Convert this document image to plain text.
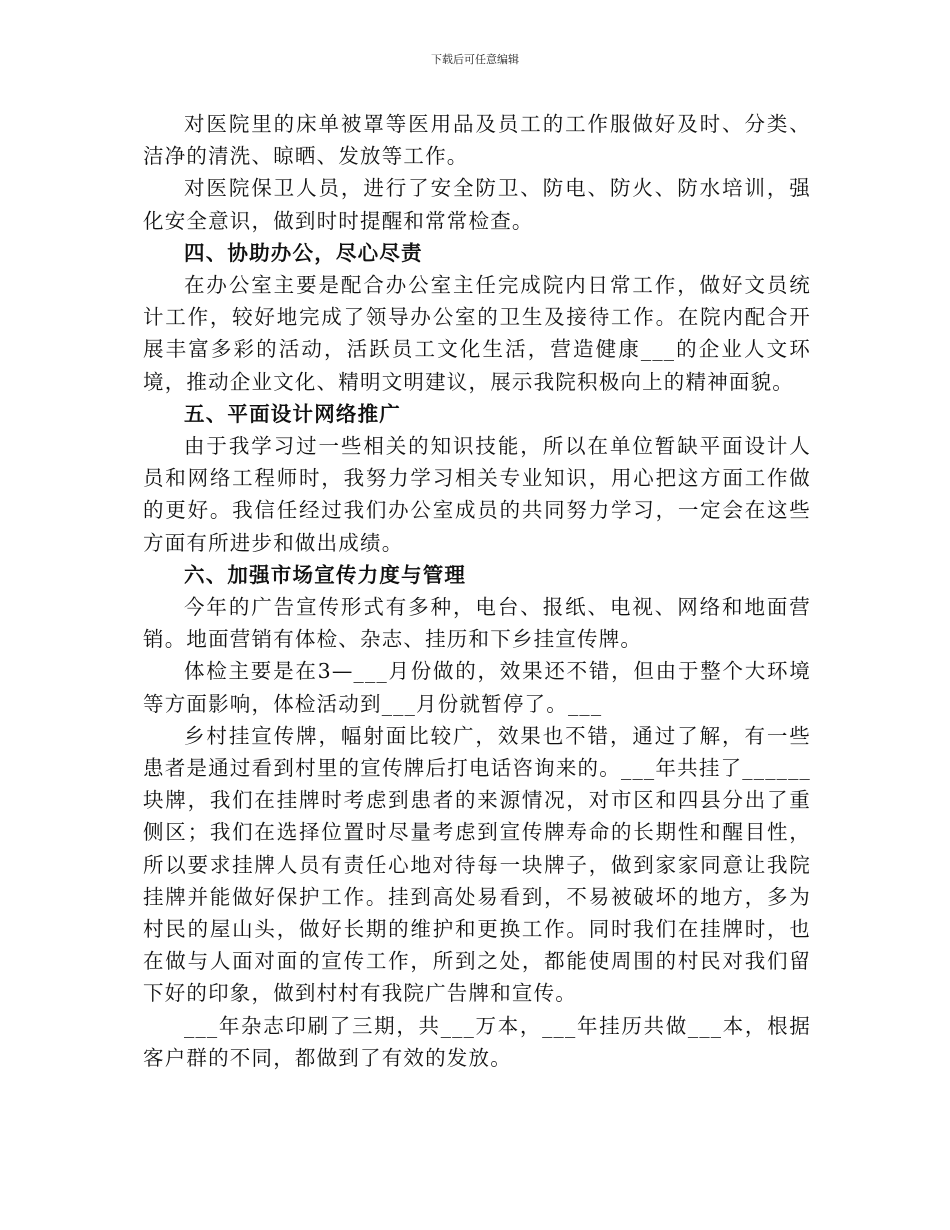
下载后可任意编辑

对医院里的床单被罩等医用品及员工的工作服做好及时、分类、洁净的清洗、晾晒、发放等工作。

对医院保卫人员，进行了安全防卫、防电、防火、防水培训，强化安全意识，做到时时提醒和常常检查。

四、协助办公，尽心尽责

在办公室主要是配合办公室主任完成院内日常工作，做好文员统计工作，较好地完成了领导办公室的卫生及接待工作。在院内配合开展丰富多彩的活动，活跃员工文化生活，营造健康___的企业人文环境，推动企业文化、精明文明建议，展示我院积极向上的精神面貌。

五、平面设计网络推广

由于我学习过一些相关的知识技能，所以在单位暂缺平面设计人员和网络工程师时，我努力学习相关专业知识，用心把这方面工作做的更好。我信任经过我们办公室成员的共同努力学习，一定会在这些方面有所进步和做出成绩。

六、加强市场宣传力度与管理

今年的广告宣传形式有多种，电台、报纸、电视、网络和地面营销。地面营销有体检、杂志、挂历和下乡挂宣传牌。

体检主要是在3—___月份做的，效果还不错，但由于整个大环境等方面影响，体检活动到___月份就暂停了。___

乡村挂宣传牌，幅射面比较广，效果也不错，通过了解，有一些患者是通过看到村里的宣传牌后打电话咨询来的。___年共挂了______块牌，我们在挂牌时考虑到患者的来源情况，对市区和四县分出了重侧区；我们在选择位置时尽量考虑到宣传牌寿命的长期性和醒目性，所以要求挂牌人员有责任心地对待每一块牌子，做到家家同意让我院挂牌并能做好保护工作。挂到高处易看到，不易被破坏的地方，多为村民的屋山头，做好长期的维护和更换工作。同时我们在挂牌时，也在做与人面对面的宣传工作，所到之处，都能使周围的村民对我们留下好的印象，做到村村有我院广告牌和宣传。

___年杂志印刷了三期，共___万本，___年挂历共做___本，根据客户群的不同，都做到了有效的发放。
